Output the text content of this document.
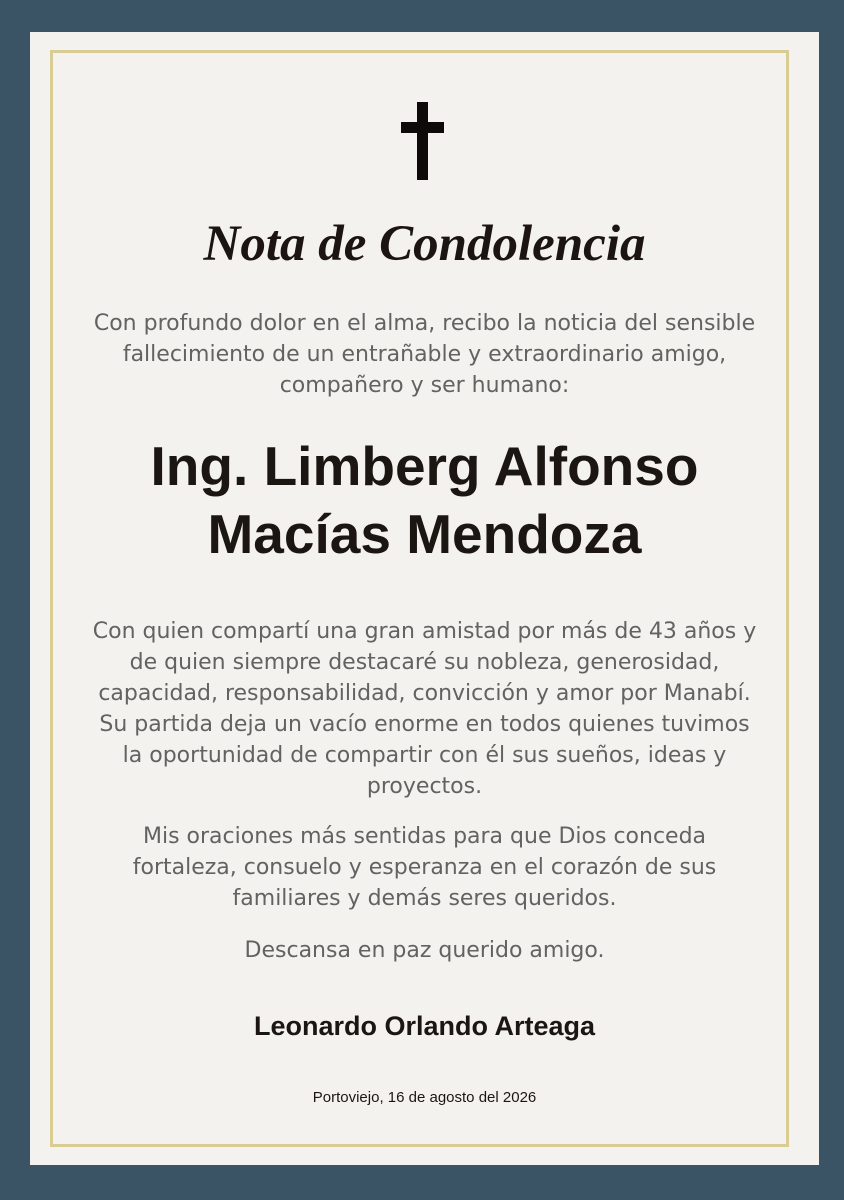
Nota de Condolencia

Con profundo dolor en el alma, recibo la noticia del sensible fallecimiento de un entrañable y extraordinario amigo, compañero y ser humano:

Ing. Limberg Alfonso
Macías Mendoza

Con quien compartí una gran amistad por más de 43 años y de quien siempre destacaré su nobleza, generosidad, capacidad, responsabilidad, convicción y amor por Manabí. Su partida deja un vacío enorme en todos quienes tuvimos la oportunidad de compartir con él sus sueños, ideas y proyectos.

Mis oraciones más sentidas para que Dios conceda fortaleza, consuelo y esperanza en el corazón de sus familiares y demás seres queridos.

Descansa en paz querido amigo.

Leonardo Orlando Arteaga

Portoviejo, 16 de agosto del 2026
